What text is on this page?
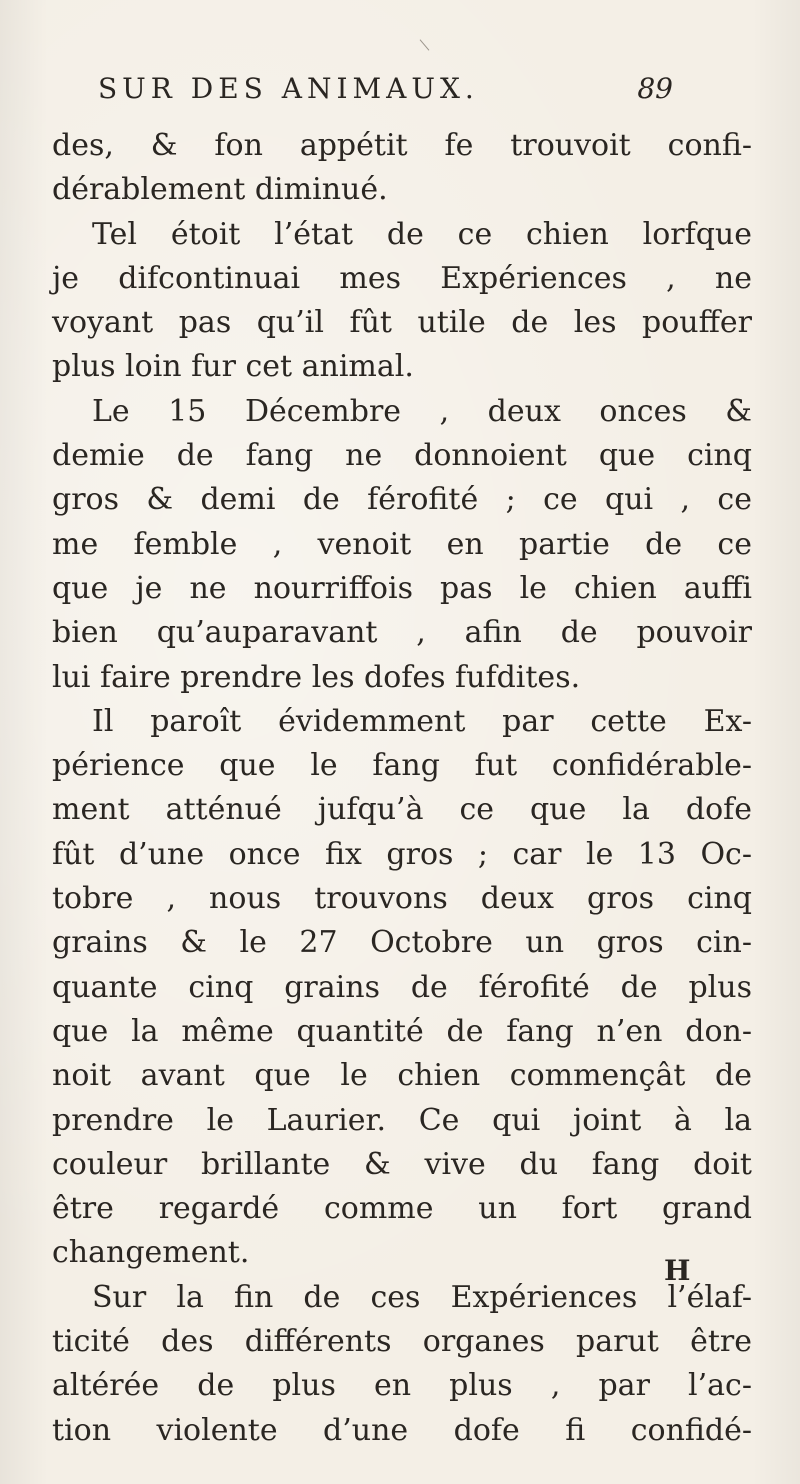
SUR DES ANIMAUX.	89
des, & fon appétit fe trouvoit confi-
dérablement diminué.
Tel étoit l’état de ce chien lorfque
je difcontinuai mes Expériences , ne
voyant pas qu’il fût utile de les pouffer
plus loin fur cet animal.
Le 15 Décembre , deux onces &
demie de fang ne donnoient que cinq
gros & demi de férofité ; ce qui , ce
me femble , venoit en partie de ce
que je ne nourriffois pas le chien auffi
bien qu’auparavant , afin de pouvoir
lui faire prendre les dofes fufdites.
Il paroît évidemment par cette Ex-
périence que le fang fut confidérable-
ment atténué jufqu’à ce que la dofe
fût d’une once fix gros ; car le 13 Oc-
tobre , nous trouvons deux gros cinq
grains & le 27 Octobre un gros cin-
quante cinq grains de férofité de plus
que la même quantité de fang n’en don-
noit avant que le chien commençât de
prendre le Laurier. Ce qui joint à la
couleur brillante & vive du fang doit
être regardé comme un fort grand
changement.
Sur la fin de ces Expériences l’élaf-
ticité des différents organes parut être
altérée de plus en plus , par l’ac-
tion violente d’une dofe fi confidé-
H
